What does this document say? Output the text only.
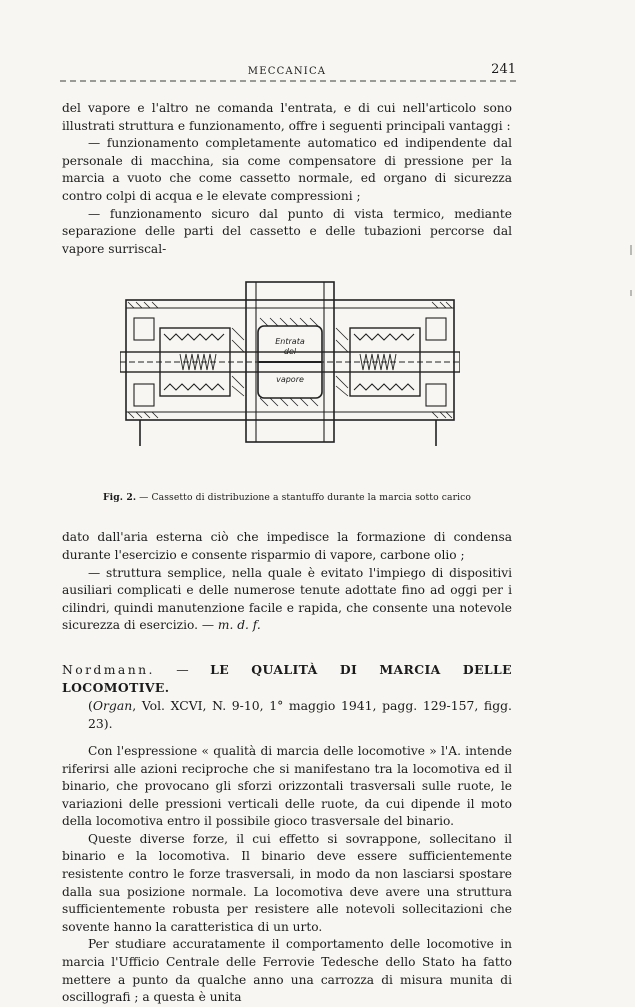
MECCANICA	241

del vapore e l'altro ne comanda l'entrata, e di cui nell'articolo sono illustrati struttura e funzionamento, offre i seguenti principali vantaggi :

— funzionamento completamente automatico ed indipendente dal personale di macchina, sia come compensatore di pressione per la marcia a vuoto che come cassetto normale, ed organo di sicurezza contro colpi di acqua e le elevate compressioni ;

— funzionamento sicuro dal punto di vista termico, mediante separazione delle parti del cassetto e delle tubazioni percorse dal vapore surriscal-

Entrata
del
vapore
Fig. 2. — Cassetto di distribuzione a stantuffo durante la marcia sotto carico

dato dall'aria esterna ciò che impedisce la formazione di condensa durante l'esercizio e consente risparmio di vapore, carbone olio ;

— struttura semplice, nella quale è evitato l'impiego di dispositivi ausiliari complicati e delle numerose tenute adottate fino ad oggi per i cilindri, quindi manutenzione facile e rapida, che consente una notevole sicurezza di esercizio. — m. d. f.

Nordmann. — LE QUALITÀ DI MARCIA DELLE LOCOMOTIVE.
(Organ, Vol. XCVI, N. 9-10, 1° maggio 1941, pagg. 129-157, figg. 23).

Con l'espressione « qualità di marcia delle locomotive » l'A. intende riferirsi alle azioni reciproche che si manifestano tra la locomotiva ed il binario, che provocano gli sforzi orizzontali trasversali sulle ruote, le variazioni delle pressioni verticali delle ruote, da cui dipende il moto della locomotiva entro il possibile gioco trasversale del binario.

Queste diverse forze, il cui effetto si sovrappone, sollecitano il binario e la locomotiva. Il binario deve essere sufficientemente resistente contro le forze trasversali, in modo da non lasciarsi spostare dalla sua posizione normale. La locomotiva deve avere una struttura sufficientemente robusta per resistere alle notevoli sollecitazioni che sovente hanno la caratteristica di un urto.

Per studiare accuratamente il comportamento delle locomotive in marcia l'Ufficio Centrale delle Ferrovie Tedesche dello Stato ha fatto mettere a punto da qualche anno una carrozza di misura munita di oscillografi ; a questa è unita
